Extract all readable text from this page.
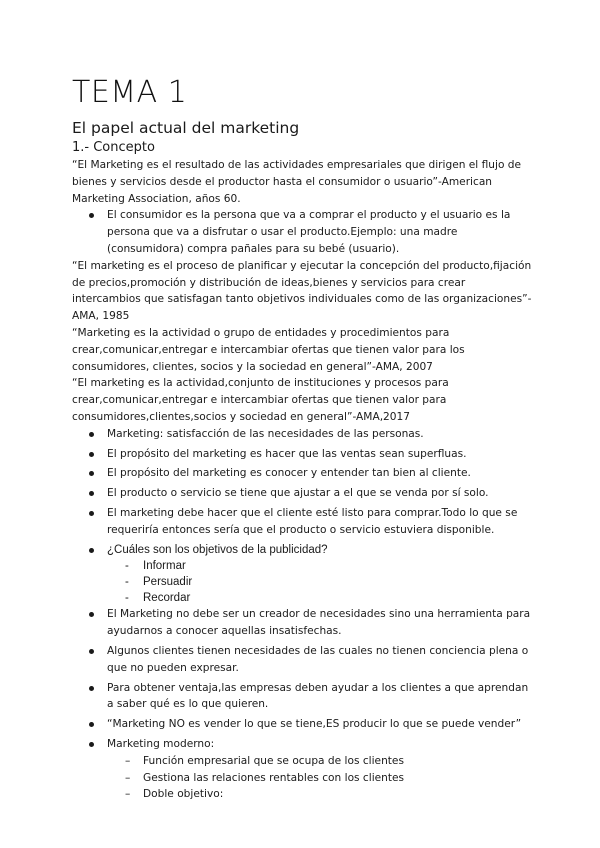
TEMA 1
El papel actual del marketing
1.- Concepto
“El Marketing es el resultado de las actividades empresariales que dirigen el flujo de bienes y servicios desde el productor hasta el consumidor o usuario”-American Marketing Association, años 60.
El consumidor es la persona que va a comprar el producto y el usuario es la persona que va a disfrutar o usar el producto.Ejemplo: una madre (consumidora) compra pañales para su bebé (usuario).
“El marketing es el proceso de planificar y ejecutar la concepción del producto,fijación de precios,promoción y distribución de ideas,bienes y servicios para crear intercambios que satisfagan tanto objetivos individuales como de las organizaciones”-AMA, 1985
“Marketing es la actividad o grupo de entidades y procedimientos para crear,comunicar,entregar e intercambiar ofertas que tienen valor para los consumidores, clientes, socios y la sociedad en general”-AMA, 2007
“El marketing es la actividad,conjunto de instituciones y procesos para crear,comunicar,entregar e intercambiar ofertas que tienen valor para consumidores,clientes,socios y sociedad en general”-AMA,2017
Marketing: satisfacción de las necesidades de las personas.
El propósito del marketing es hacer que las ventas sean superfluas.
El propósito del marketing es conocer y entender tan bien al cliente.
El producto o servicio se tiene que ajustar a el que se venda por sí solo.
El marketing debe hacer que el cliente esté listo para comprar.Todo lo que se requeriría entonces sería que el producto o servicio estuviera disponible.
¿Cuáles son los objetivos de la publicidad?
- Informar
- Persuadir
- Recordar
El Marketing no debe ser un creador de necesidades sino una herramienta para ayudarnos a conocer aquellas insatisfechas.
Algunos clientes tienen necesidades de las cuales no tienen conciencia plena o que no pueden expresar.
Para obtener ventaja,las empresas deben ayudar a los clientes a que aprendan a saber qué es lo que quieren.
“Marketing NO es vender lo que se tiene,ES producir lo que se puede vender”
Marketing moderno:
– Función empresarial que se ocupa de los clientes
– Gestiona las relaciones rentables con los clientes
– Doble objetivo:
